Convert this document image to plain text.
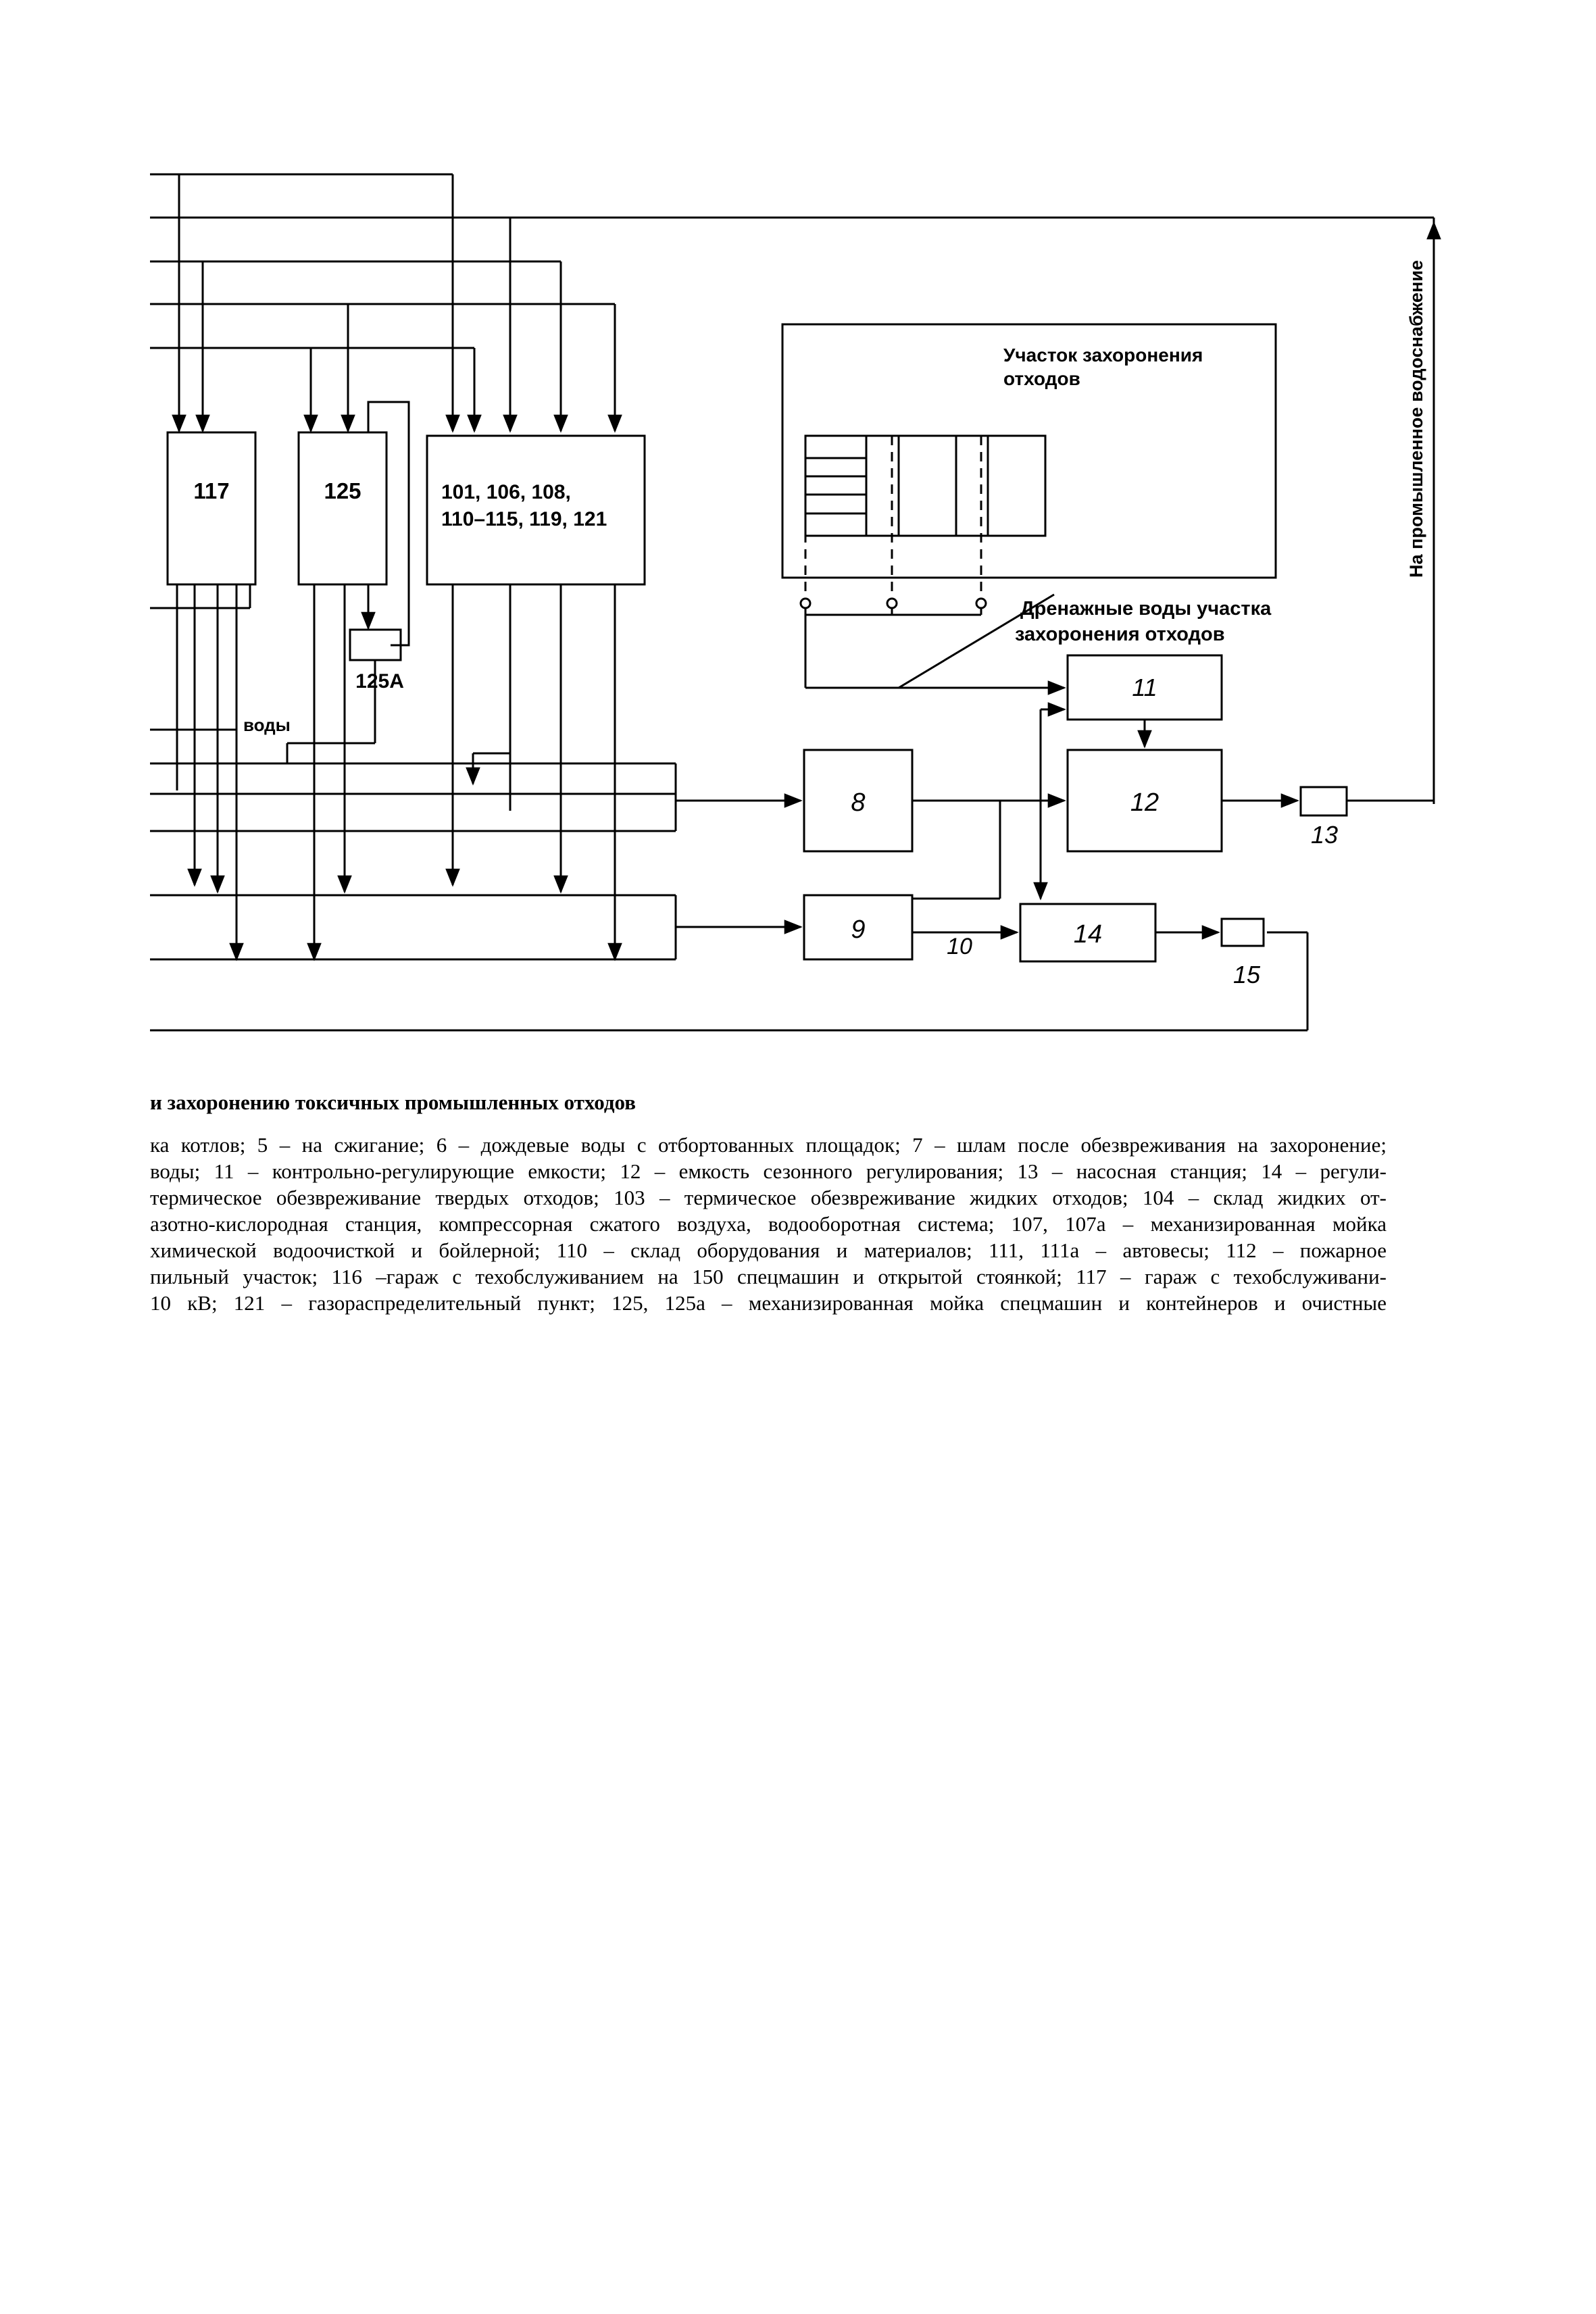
117	125	101, 106, 108,
110–115, 119, 121
125А
воды
8
9
10
11
12
13
14
15
Участок захоронения
отходов
Дренажные воды участка
захоронения отходов
На промышленное водоснабжение
и захоронению токсичных промышленных отходов
ка котлов; 5 – на сжигание; 6 – дождевые воды с отбортованных площадок; 7 – шлам после обезвреживания на захоронение;
воды; 11 – контрольно-регулирующие емкости; 12 – емкость сезонного регулирования; 13 – насосная станция; 14 – регули-
термическое обезвреживание твердых отходов; 103 – термическое обезвреживание жидких отходов; 104 – склад жидких от-
азотно-кислородная станция, компрессорная сжатого воздуха, водооборотная система; 107, 107а – механизированная мойка
химической водоочисткой и бойлерной; 110 – склад оборудования и материалов; 111, 111а – автовесы; 112 – пожарное
пильный участок; 116 –гараж с техобслуживанием на 150 спецмашин и открытой стоянкой; 117 – гараж с техобслуживани-
10 кВ; 121 – газораспределительный пункт; 125, 125а – механизированная мойка спецмашин и контейнеров и очистные
